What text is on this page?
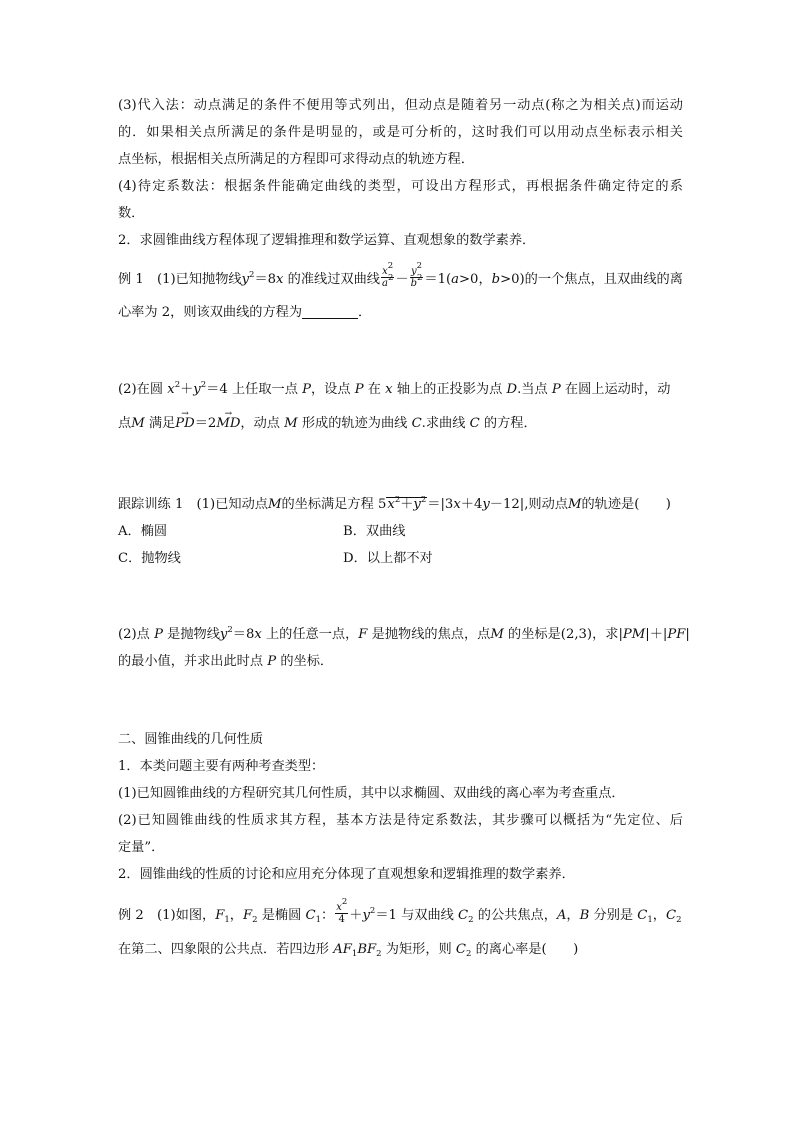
(3)代入法：动点满足的条件不便用等式列出，但动点是随着另一动点(称之为相关点)而运动
的．如果相关点所满足的条件是明显的，或是可分析的，这时我们可以用动点坐标表示相关
点坐标，根据相关点所满足的方程即可求得动点的轨迹方程．
(4)待定系数法：根据条件能确定曲线的类型，可设出方程形式，再根据条件确定待定的系
数．
2．求圆锥曲线方程体现了逻辑推理和数学运算、直观想象的数学素养．
例 1　(1)已知抛物线$y^2=8x$ 的准线过双曲线 $\frac{x^2}{a^2} - \frac{y^2}{b^2} =1(a>0$，b>0)的一个焦点，且双曲线的离
心率为 2，则该双曲线的方程为	．
(2)在圆 $x^2+y^2=4$ 上任取一点 P，设点 P 在 x 轴上的正投影为点 D.当点 P 在圆上运动时，动
点M 满足→ PD＝2→ MD，动点 M 形成的轨迹为曲线 C.求曲线 C 的方程．
跟踪训练 1　(1)已知动点M的坐标满足方程 $5x^2+y^2=|3x+4y-12|$,则动点M的轨迹是(　　)
A．椭圆	B．双曲线
C．抛物线	D．以上都不对
(2)点 P 是抛物线$y^2=8x$ 上的任意一点，F 是抛物线的焦点，点M 的坐标是(2,3)，求|PM|＋|PF|
的最小值，并求出此时点 P 的坐标．
二、圆锥曲线的几何性质
1．本类问题主要有两种考查类型：
(1)已知圆锥曲线的方程研究其几何性质，其中以求椭圆、双曲线的离心率为考查重点．
(2)已知圆锥曲线的性质求其方程，基本方法是待定系数法，其步骤可以概括为“先定位、后
定量”．
2．圆锥曲线的性质的讨论和应用充分体现了直观想象和逻辑推理的数学素养．
例 2　(1)如图，$F_1$，$F_2$ 是椭圆 $C_1$： $\frac{x^2}{4} +y^2=1$ 与双曲线 $C_2$ 的公共焦点，A，B 分别是 $C_1$，$C_2$
在第二、四象限的公共点．若四边形 $AF_1BF_2$ 为矩形，则 $C_2$ 的离心率是(　　)
